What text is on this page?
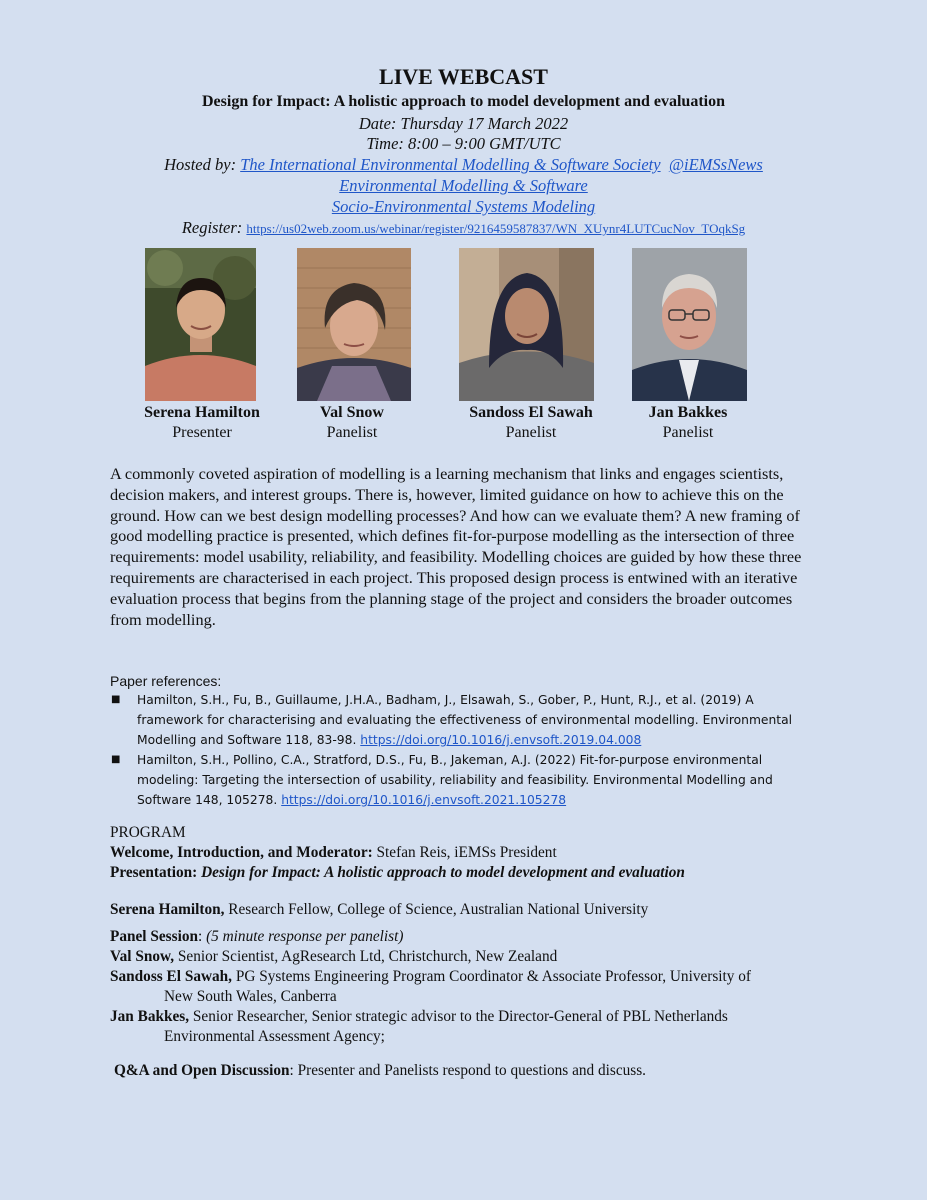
LIVE WEBCAST
Design for Impact: A holistic approach to model development and evaluation
Date: Thursday 17 March 2022
Time: 8:00 – 9:00 GMT/UTC
Hosted by: The International Environmental Modelling & Software Society @iEMSsNews
Environmental Modelling & Software
Socio-Environmental Systems Modeling
Register: https://us02web.zoom.us/webinar/register/9216459587837/WN_XUynr4LUTCucNov_TOqkSg
Serena Hamilton
Presenter
Val Snow
Panelist
Sandoss El Sawah
Panelist
Jan Bakkes
Panelist
A commonly coveted aspiration of modelling is a learning mechanism that links and engages scientists, decision makers, and interest groups. There is, however, limited guidance on how to achieve this on the ground. How can we best design modelling processes? And how can we evaluate them? A new framing of good modelling practice is presented, which defines fit-for-purpose modelling as the intersection of three requirements: model usability, reliability, and feasibility. Modelling choices are guided by how these three requirements are characterised in each project. This proposed design process is entwined with an iterative evaluation process that begins from the planning stage of the project and considers the broader outcomes from modelling.
Paper references:
■ Hamilton, S.H., Fu, B., Guillaume, J.H.A., Badham, J., Elsawah, S., Gober, P., Hunt, R.J., et al. (2019) A framework for characterising and evaluating the effectiveness of environmental modelling. Environmental Modelling and Software 118, 83-98. https://doi.org/10.1016/j.envsoft.2019.04.008
■ Hamilton, S.H., Pollino, C.A., Stratford, D.S., Fu, B., Jakeman, A.J. (2022) Fit-for-purpose environmental modeling: Targeting the intersection of usability, reliability and feasibility. Environmental Modelling and Software 148, 105278. https://doi.org/10.1016/j.envsoft.2021.105278
PROGRAM
Welcome, Introduction, and Moderator: Stefan Reis, iEMSs President
Presentation: Design for Impact: A holistic approach to model development and evaluation
Serena Hamilton, Research Fellow, College of Science, Australian National University
Panel Session: (5 minute response per panelist)
Val Snow, Senior Scientist, AgResearch Ltd, Christchurch, New Zealand
Sandoss El Sawah, PG Systems Engineering Program Coordinator & Associate Professor, University of
New South Wales, Canberra
Jan Bakkes, Senior Researcher, Senior strategic advisor to the Director-General of PBL Netherlands
Environmental Assessment Agency;
Q&A and Open Discussion: Presenter and Panelists respond to questions and discuss.
